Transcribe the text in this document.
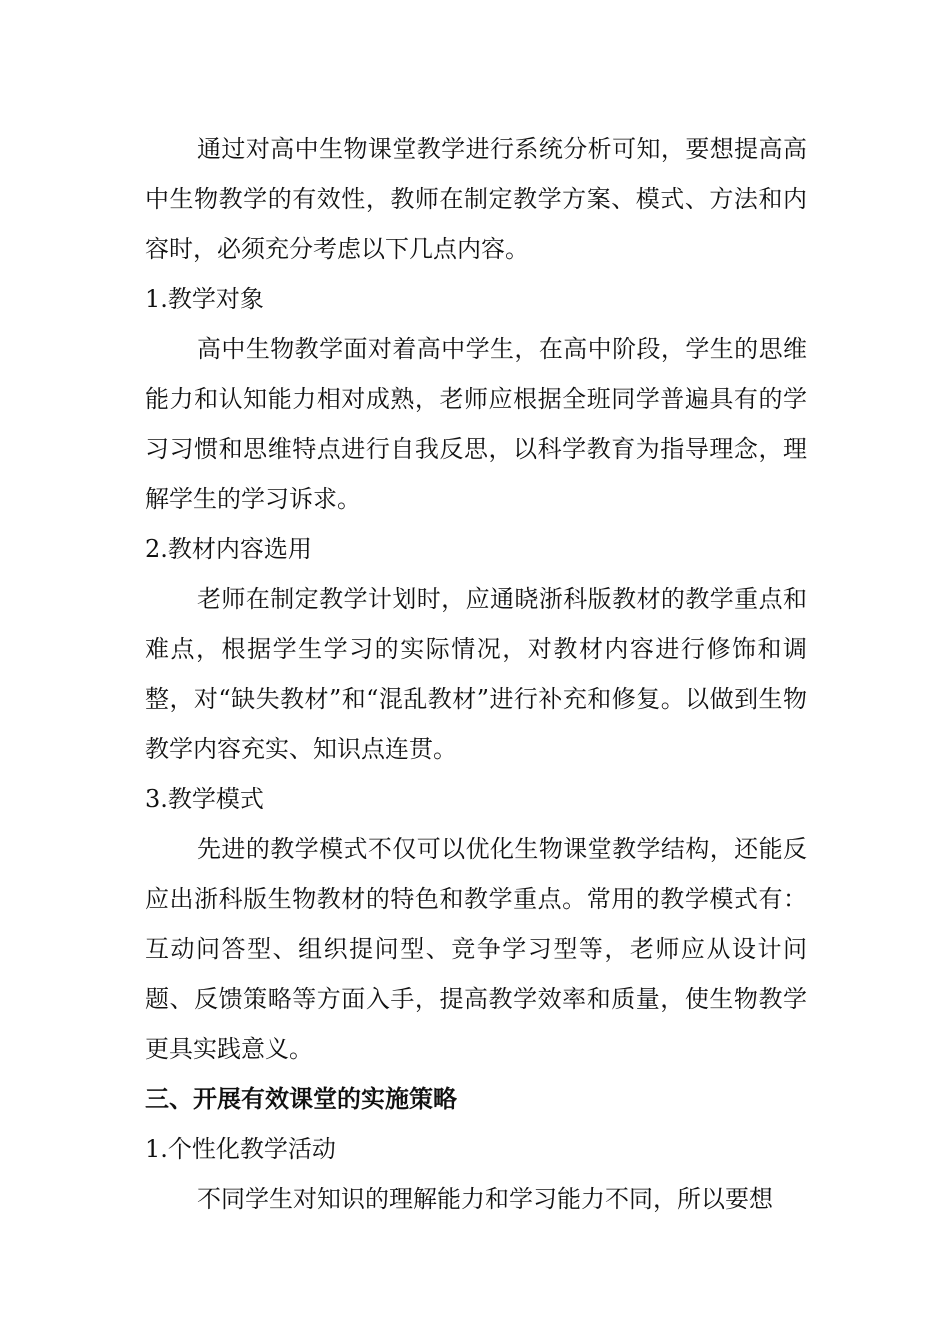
通过对高中生物课堂教学进行系统分析可知，要想提高高中生物教学的有效性，教师在制定教学方案、模式、方法和内容时，必须充分考虑以下几点内容。

1.教学对象

高中生物教学面对着高中学生，在高中阶段，学生的思维能力和认知能力相对成熟，老师应根据全班同学普遍具有的学习习惯和思维特点进行自我反思，以科学教育为指导理念，理解学生的学习诉求。

2.教材内容选用

老师在制定教学计划时，应通晓浙科版教材的教学重点和难点，根据学生学习的实际情况，对教材内容进行修饰和调整，对“缺失教材”和“混乱教材”进行补充和修复。以做到生物教学内容充实、知识点连贯。

3.教学模式

先进的教学模式不仅可以优化生物课堂教学结构，还能反应出浙科版生物教材的特色和教学重点。常用的教学模式有：互动问答型、组织提问型、竞争学习型等，老师应从设计问题、反馈策略等方面入手，提高教学效率和质量，使生物教学更具实践意义。

三、开展有效课堂的实施策略

1.个性化教学活动

不同学生对知识的理解能力和学习能力不同，所以要想
